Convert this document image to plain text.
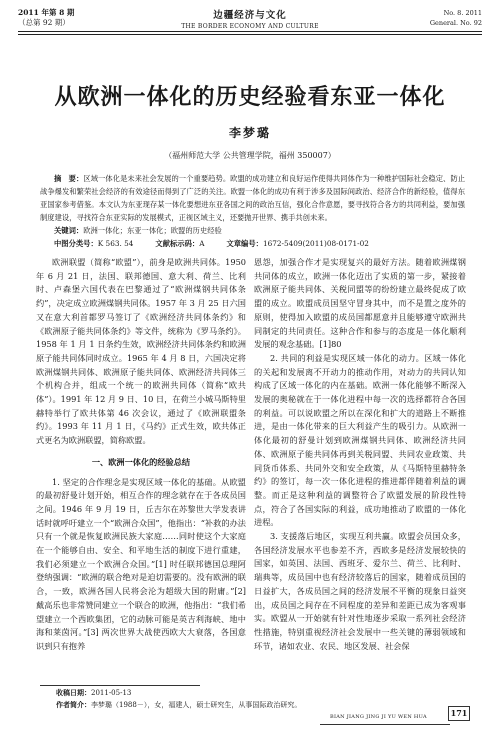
2011 年第 8 期
（总第 92 期）
边疆经济与文化
THE BORDER ECONOMY AND CULTURE
No. 8. 2011
General. No. 92
从欧洲一体化的历史经验看东亚一体化
李梦璐
（福州师范大学 公共管理学院，福州 350007）
摘　要：区域一体化是未来社会发展的一个重要趋势。欧盟的成功建立和良好运作使得共同体作为一种维护国际社会稳定、防止战争爆发和繁荣社会经济的有效途径而得到了广泛的关注。欧盟一体化的成功有利于涉多及国际间政治、经济合作的新经验，值得东亚国家参考借鉴。本文认为东亚现存某一体化要想进东亚各国之间的政治互信，强化合作意愿，要寻找符合各方的共同利益，要加强制度建设，寻找符合东亚实际的发展模式，正视区域主义，还要抛开世界、携手共创未来。
关键词：欧洲一体化；东亚一体化；欧盟的历史经验
中图分类号：K 563. 54	文献标示码：A	文章编号：1672-5409(2011)08-0171-02

欧洲联盟（简称“欧盟”），前身是欧洲共同体。1950 年 6 月 21 日，法国、联邦德国、意大利、荷兰、比利时、卢森堡六国代表在巴黎通过了“欧洲煤钢共同体条约”，决定成立欧洲煤钢共同体。1957 年 3 月 25 日六国又在意大利首都罗马签订了《欧洲经济共同体条约》和《欧洲原子能共同体条约》等文件，统称为《罗马条约》。1958 年 1 月 1 日条约生效，欧洲经济共同体条约和欧洲原子能共同体同时成立。1965 年 4 月 8 日，六国决定将欧洲煤钢共同体、欧洲原子能共同体、欧洲经济共同体三个机构合并，组成一个统一的欧洲共同体（简称“欧共体”）。1991 年 12 月 9 日、10 日，在荷兰小城马斯特里赫特举行了欧共体第 46 次会议，通过了《欧洲联盟条约》。1993 年 11 月 1 日，《马约》正式生效，欧共体正式更名为欧洲联盟，简称欧盟。

一、欧洲一体化的经验总结

1. 坚定的合作理念是实现区域一体化的基础。从欧盟的最初舒曼计划开始，相互合作的理念就存在于各成员国之间。1946 年 9 月 19 日，丘吉尔在苏黎世大学发表讲话时就呼吁建立一个“欧洲合众国”，他指出：“补救的办法只有一个就是恢复欧洲民族大家庭……同时使这个大家庭在一个能够自由、安全、和平地生活的制度下进行重建，我们必须建立一个欧洲合众国。”[1] 时任联邦德国总理阿登纳强调：“欧洲的联合绝对是迫切需要的。没有欧洲的联合，一致，欧洲各国人民将会沦为超级大国的附庸。”[2] 戴高乐也非常赞同建立一个联合的欧洲，他指出：“我们希望建立一个西欧集团，它的动脉可能是英吉利海峡、地中海和莱茵河。”[3] 两次世界大战使西欧大大衰落，各国意识到只有抱养

恩怨，加强合作才是实现复兴的最好方法。随着欧洲煤钢共同体的成立，欧洲一体化迈出了实质的第一步，紧接着欧洲原子能共同体、关税同盟等的纷纷建立最终促成了欧盟的成立。欧盟成员国坚守冒身其中，而不是置之度外的原则，使得加入欧盟的成员国都愿意并且能够遵守欧洲共同制定的共同责任。这种合作和参与的态度是一体化顺利发展的观念基础。[1]80

2. 共同的利益是实现区域一体化的动力。区域一体化的关起和发展离不开动力的推动作用，对动力的共同认知构成了区域一体化的内在基础。欧洲一体化能够不断深入发展的奥秘就在于一体化进程中每一次的选择都符合各国的利益。可以说欧盟之所以在深化和扩大的道路上不断推进，是由一体化带来的巨大利益产生的吸引力。从欧洲一体化最初的舒曼计划到欧洲煤钢共同体、欧洲经济共同体、欧洲原子能共同体再到关税同盟、共同农业政策、共同货币体系、共同外交和安全政策，从《马斯特里赫特条约》的签订，每一次一体化进程的推进都伴随着利益的调整。而正是这种利益的调整符合了欧盟发展的阶段性特点，符合了各国实际的利益，成功地推动了欧盟的一体化进程。

3. 支援落后地区，实现互利共赢。欧盟会员国众多，各国经济发展水平也参差不齐，西欧多是经济发展较快的国家，如英国、法国、西班牙、爱尔兰、荷兰、比利时、瑞典等，成员国中也有经济较落后的国家，随着成员国的日益扩大，各成员国之间的经济发展不平衡的现象日益突出，成员国之间存在不同程度的差异和差距已成为客观事实。欧盟从一开始就有针对性地逐步采取一系列社会经济性措施，特别重视经济社会发展中一些关键的薄弱领域和环节，诸如农业、农民、地区发展、社会保

收稿日期：2011-05-13
作者简介：李梦璐（1988－），女，福建人，硕士研究生，从事国际政治研究。
BIAN JIANG JING JI YU WEN HUA	171
